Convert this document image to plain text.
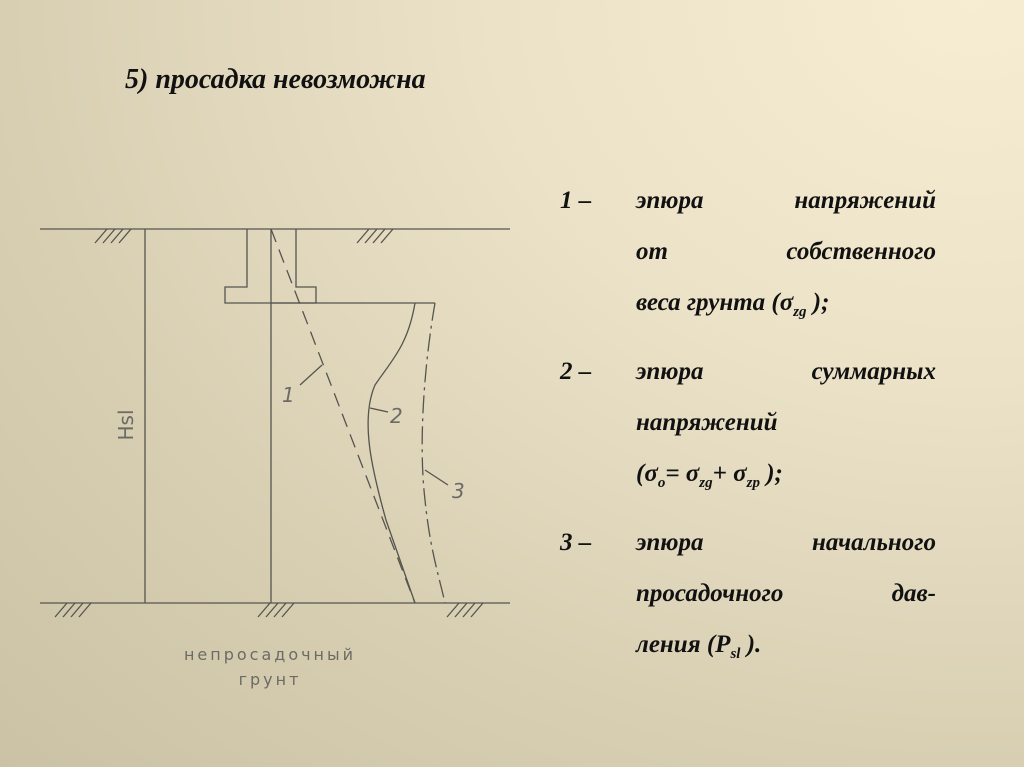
5) просадка невозможна
Hsl
1
2
3
непросадочный
грунт
1 – эпюра напряжений
от собственного
веса грунта ($\sigma_{zg}$ );
2 – эпюра суммарных
напряжений
($\sigma_o= \sigma_{zg}+ \sigma_{zp}$ );
3 – эпюра начального
просадочного дав-
ления ($P_{sl}$ ).
